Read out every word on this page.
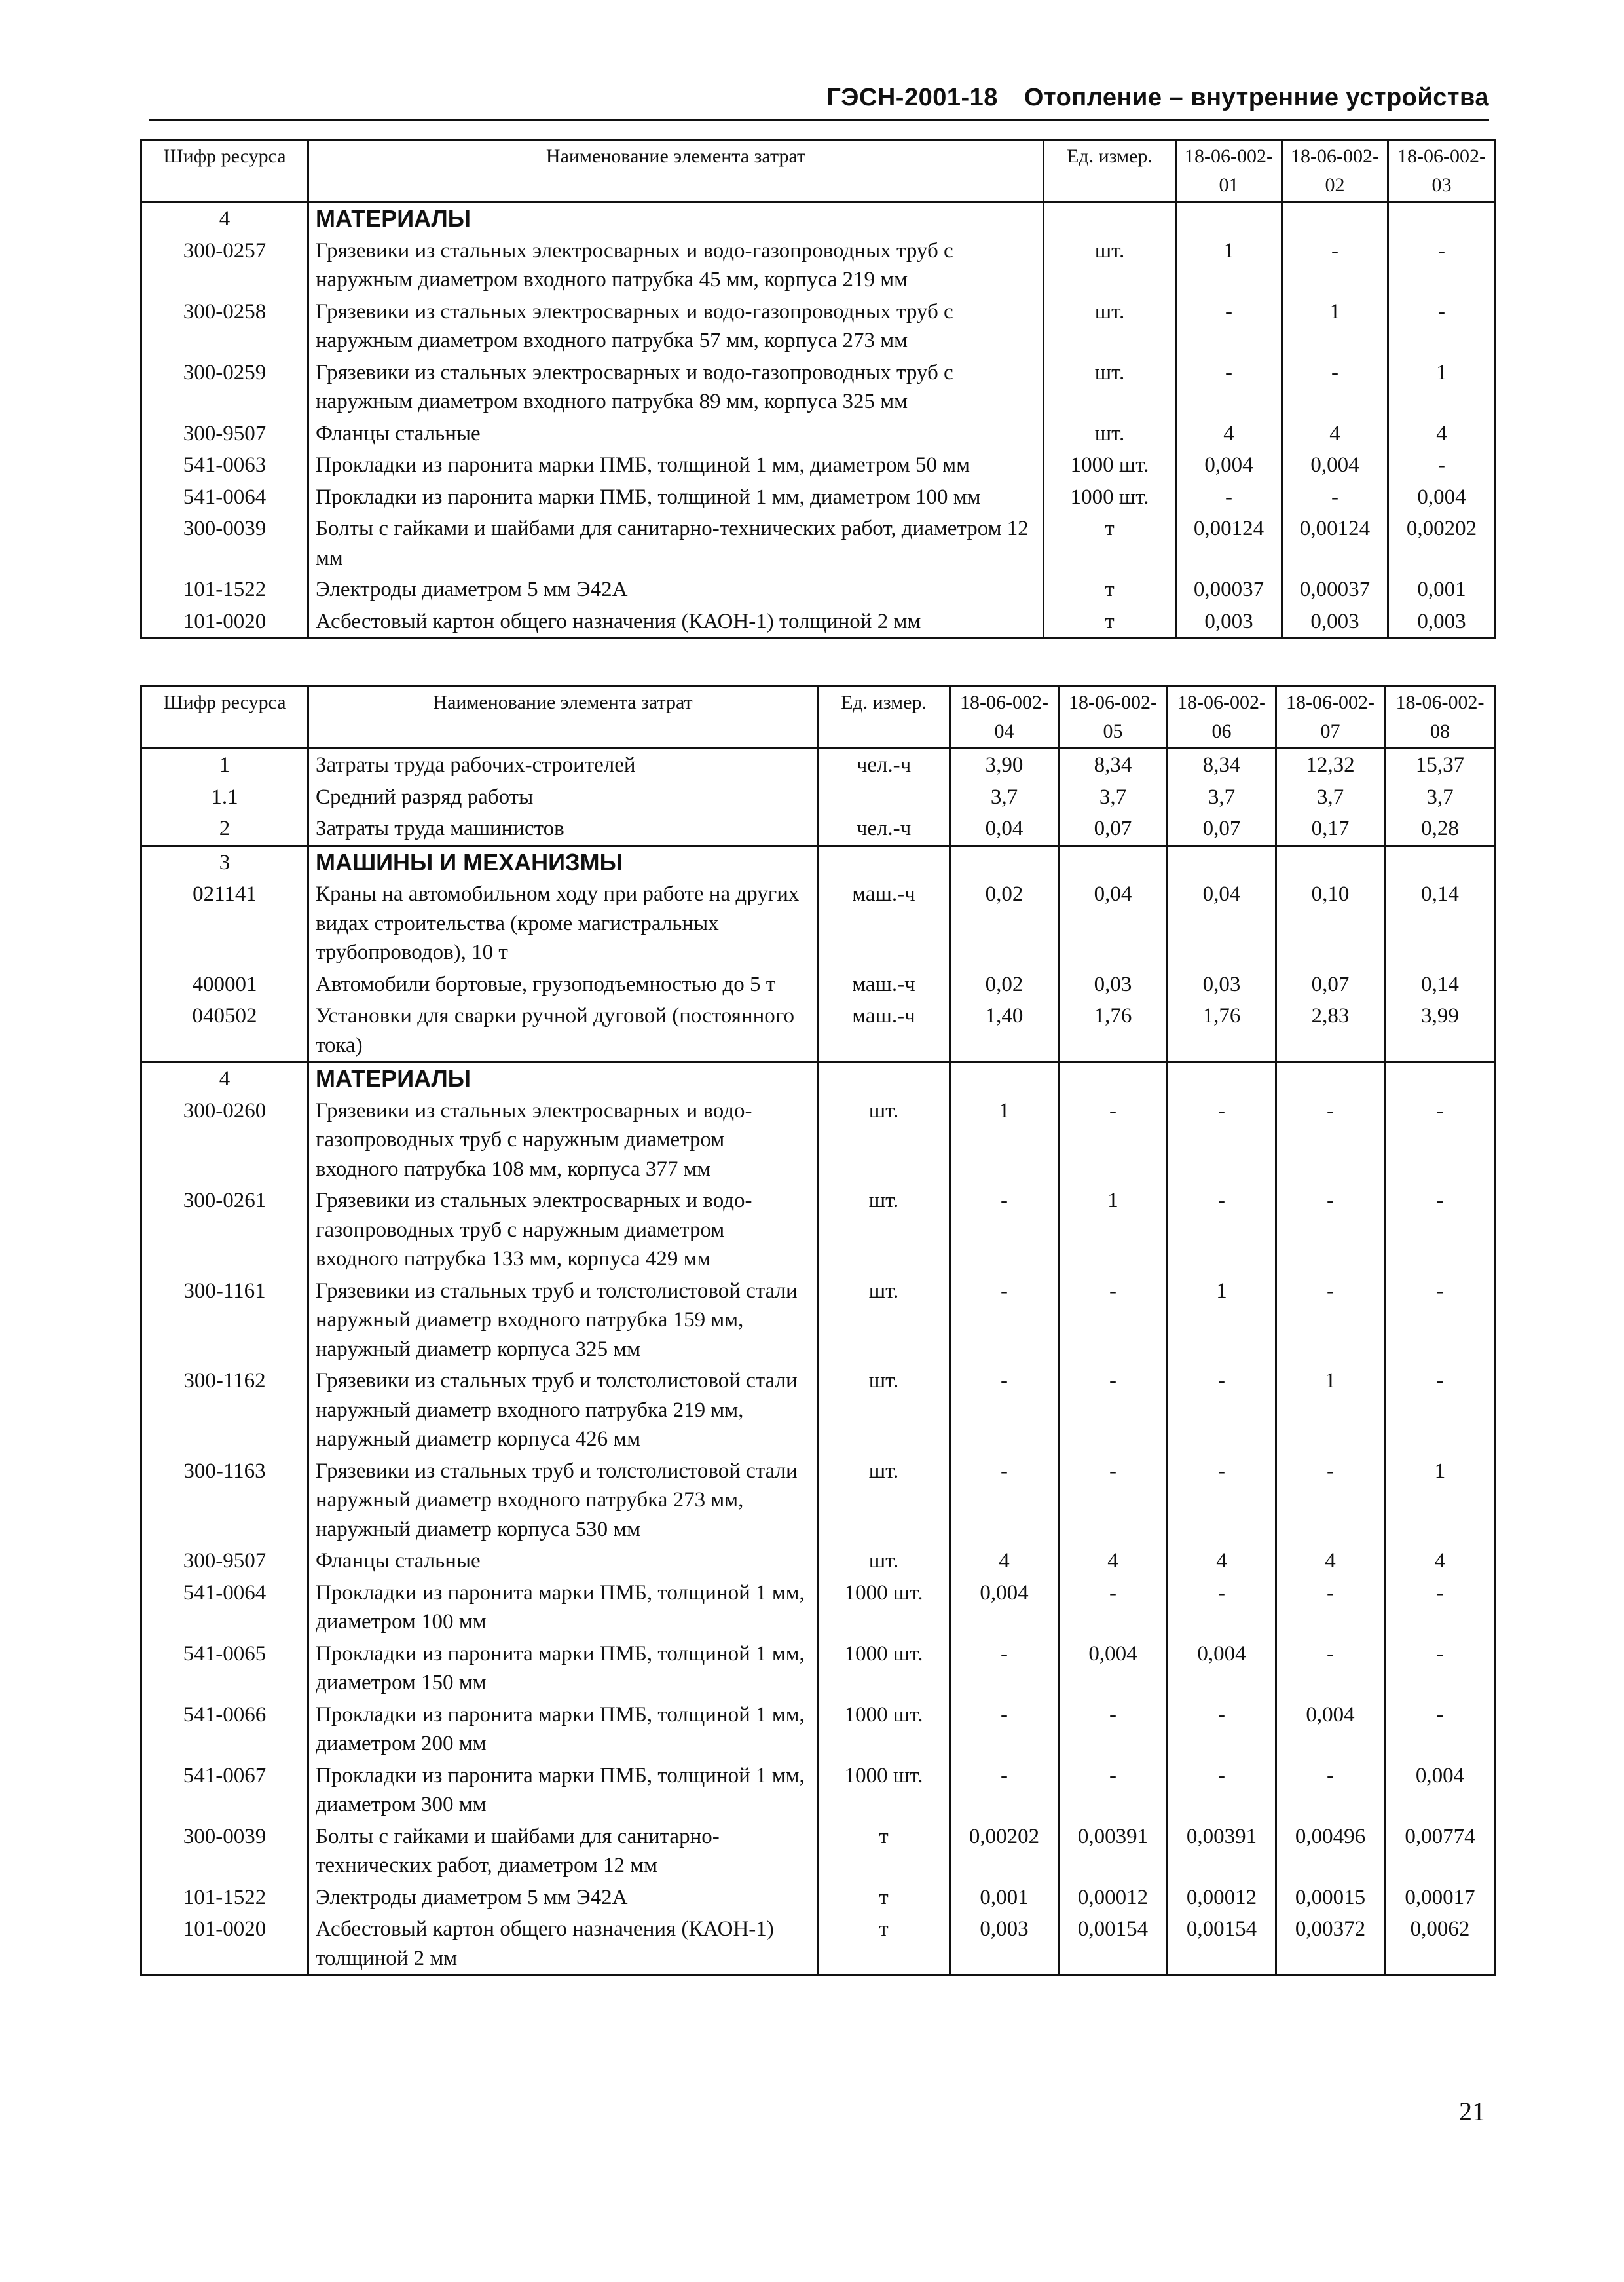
ГЭСН-2001-18 Отопление – внутренние устройства
Шифр ресурса	Наименование элемента затрат	Ед. измер.	18-06-002-01	18-06-002-02	18-06-002-03
4	МАТЕРИАЛЫ				
300-0257	Грязевики из стальных электросварных и водо-газопроводных труб с наружным диаметром входного патрубка 45 мм, корпуса 219 мм	шт.	1	-	-
300-0258	Грязевики из стальных электросварных и водо-газопроводных труб с наружным диаметром входного патрубка 57 мм, корпуса 273 мм	шт.	-	1	-
300-0259	Грязевики из стальных электросварных и водо-газопроводных труб с наружным диаметром входного патрубка 89 мм, корпуса 325 мм	шт.	-	-	1
300-9507	Фланцы стальные	шт.	4	4	4
541-0063	Прокладки из паронита марки ПМБ, толщиной 1 мм, диаметром 50 мм	1000 шт.	0,004	0,004	-
541-0064	Прокладки из паронита марки ПМБ, толщиной 1 мм, диаметром 100 мм	1000 шт.	-	-	0,004
300-0039	Болты с гайками и шайбами для санитарно-технических работ, диаметром 12 мм	т	0,00124	0,00124	0,00202
101-1522	Электроды диаметром 5 мм Э42А	т	0,00037	0,00037	0,001
101-0020	Асбестовый картон общего назначения (КАОН-1) толщиной 2 мм	т	0,003	0,003	0,003
Шифр ресурса	Наименование элемента затрат	Ед. измер.	18-06-002-04	18-06-002-05	18-06-002-06	18-06-002-07	18-06-002-08
1	Затраты труда рабочих-строителей	чел.-ч	3,90	8,34	8,34	12,32	15,37
1.1	Средний разряд работы		3,7	3,7	3,7	3,7	3,7
2	Затраты труда машинистов	чел.-ч	0,04	0,07	0,07	0,17	0,28
3	МАШИНЫ И МЕХАНИЗМЫ						
021141	Краны на автомобильном ходу при работе на других видах строительства (кроме магистральных трубопроводов), 10 т	маш.-ч	0,02	0,04	0,04	0,10	0,14
400001	Автомобили бортовые, грузоподъемностью до 5 т	маш.-ч	0,02	0,03	0,03	0,07	0,14
040502	Установки для сварки ручной дуговой (постоянного тока)	маш.-ч	1,40	1,76	1,76	2,83	3,99
4	МАТЕРИАЛЫ						
300-0260	Грязевики из стальных электросварных и водо-газопроводных труб с наружным диаметром входного патрубка 108 мм, корпуса 377 мм	шт.	1	-	-	-	-
300-0261	Грязевики из стальных электросварных и водо-газопроводных труб с наружным диаметром входного патрубка 133 мм, корпуса 429 мм	шт.	-	1	-	-	-
300-1161	Грязевики из стальных труб и толстолистовой стали наружный диаметр входного патрубка 159 мм, наружный диаметр корпуса 325 мм	шт.	-	-	1	-	-
300-1162	Грязевики из стальных труб и толстолистовой стали наружный диаметр входного патрубка 219 мм, наружный диаметр корпуса 426 мм	шт.	-	-	-	1	-
300-1163	Грязевики из стальных труб и толстолистовой стали наружный диаметр входного патрубка 273 мм, наружный диаметр корпуса 530 мм	шт.	-	-	-	-	1
300-9507	Фланцы стальные	шт.	4	4	4	4	4
541-0064	Прокладки из паронита марки ПМБ, толщиной 1 мм, диаметром 100 мм	1000 шт.	0,004	-	-	-	-
541-0065	Прокладки из паронита марки ПМБ, толщиной 1 мм, диаметром 150 мм	1000 шт.	-	0,004	0,004	-	-
541-0066	Прокладки из паронита марки ПМБ, толщиной 1 мм, диаметром 200 мм	1000 шт.	-	-	-	0,004	-
541-0067	Прокладки из паронита марки ПМБ, толщиной 1 мм, диаметром 300 мм	1000 шт.	-	-	-	-	0,004
300-0039	Болты с гайками и шайбами для санитарно-технических работ, диаметром 12 мм	т	0,00202	0,00391	0,00391	0,00496	0,00774
101-1522	Электроды диаметром 5 мм Э42А	т	0,001	0,00012	0,00012	0,00015	0,00017
101-0020	Асбестовый картон общего назначения (КАОН-1) толщиной 2 мм	т	0,003	0,00154	0,00154	0,00372	0,0062
21
